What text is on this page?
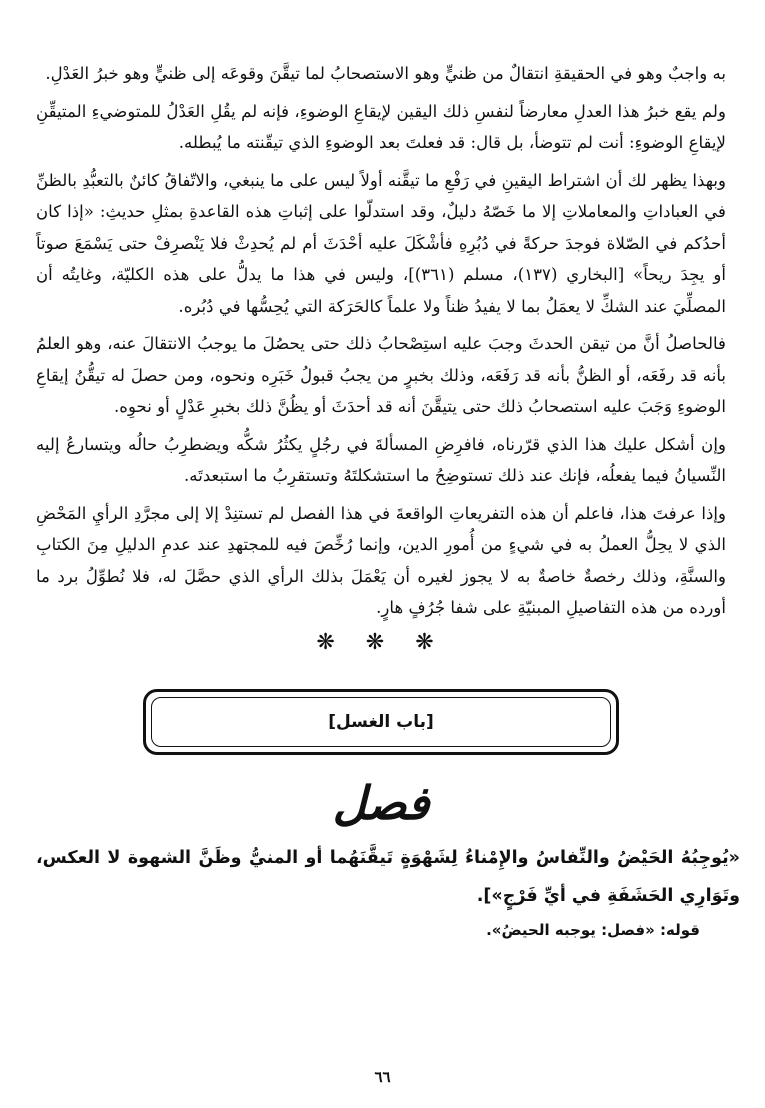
به واجبٌ وهو في الحقيقةِ انتقالٌ من ظنيٍّ وهو الاستصحابُ لما تيقَّنَ وقوعَه إلى ظنيٍّ وهو خبرُ العَدْلِ.

ولم يقع خبرُ هذا العدلِ معارضاً لنفسِ ذلك اليقين لإيقاعِ الوضوءِ، فإنه لم يقُلِ العَدْلُ للمتوضيءِ المتيقِّنِ لإيقاعِ الوضوءِ: أنت لم تتوضأ، بل قال: قد فعلتَ بعد الوضوءِ الذي تيقّنته ما يُبطله.

وبهذا يظهر لك أن اشتراط اليقينِ في رَفْعِ ما تيقَّنه أولاً ليس على ما ينبغي، والاتّفاقُ كائنٌ بالتعبُّدِ بالظنِّ في العباداتِ والمعاملاتِ إلا ما خَصّهُ دليلٌ، وقد استدلّوا على إثباتِ هذه القاعدةِ بمثلِ حديثِ: «إذا كان أحدُكم في الصّلاة فوجدَ حركةً في دُبُرِهِ فأشْكَلَ عليه أحْدَثَ أم لم يُحدِثْ فلا يَنْصرِفْ حتى يَسْمَعَ صوتاً أو يجِدَ ريحاً» [البخاري (١٣٧)، مسلم (٣٦١)]، وليس في هذا ما يدلُّ على هذه الكليّة، وغايتُه أن المصلِّيَ عند الشكِّ لا يعمَلُ بما لا يفيدُ ظناً ولا علماً كالحَرَكة التي يُحِسُّها في دُبُره.

فالحاصلُ أنَّ من تيقن الحدثَ وجبَ عليه استِصْحابُ ذلك حتى يحصُلَ ما يوجبُ الانتقالَ عنه، وهو العلمُ بأنه قد رفَعَه، أو الظنُّ بأنه قد رَفَعَه، وذلك بخبرٍ من يجبُ قبولُ خَبَرِه ونحوه، ومن حصلَ له تيقُّنُ إيقاعِ الوضوءِ وَجَبَ عليه استصحابُ ذلك حتى يتيقَّنَ أنه قد أحدَثَ أو يظُنَّ ذلك بخبرِ عَدْلٍ أو نحوِه.

وإن أشكل عليك هذا الذي قرّرناه، فافرِضِ المسألةَ في رجُلٍ يكثُرُ شكُّه ويضطرِبُ حالُه ويتسارعُ إليه النِّسيانُ فيما يفعلُه، فإنك عند ذلك تستوضِحُ ما استشكلتَهُ وتستقرِبُ ما استبعدتَه.

وإذا عرفتَ هذا، فاعلم أن هذه التفريعاتِ الواقعةَ في هذا الفصل لم تستنِدْ إلا إلى مجرَّدِ الرأيِ المَحْضِ الذي لا يحِلُّ العملُ به في شيءٍ من أُمورِ الدين، وإنما رُخِّصَ فيه للمجتهدِ عند عدمِ الدليلِ مِنَ الكتابِ والسنَّةِ، وذلك رخصةٌ خاصةٌ به لا يجوز لغيره أن يَعْمَلَ بذلك الرأي الذي حصَّلَ له، فلا نُطوِّلُ برد ما أورده من هذه التفاصيلِ المبنيّةِ على شفا جُرُفٍ هارٍ.

❋ ❋ ❋
[باب الغسل]
فصل
«يُوجِبُهُ الحَيْضُ والنِّفاسُ والإِمْناءُ لِشَهْوَةٍ تَيقَّنَهُما أو المنيُّ وظَنَّ الشهوة لا العكس، وتَوَارِي الحَشَفَةِ في أيِّ فَرْجٍ»].
قوله: «فصل: يوجبه الحيضُ».
٦٦
